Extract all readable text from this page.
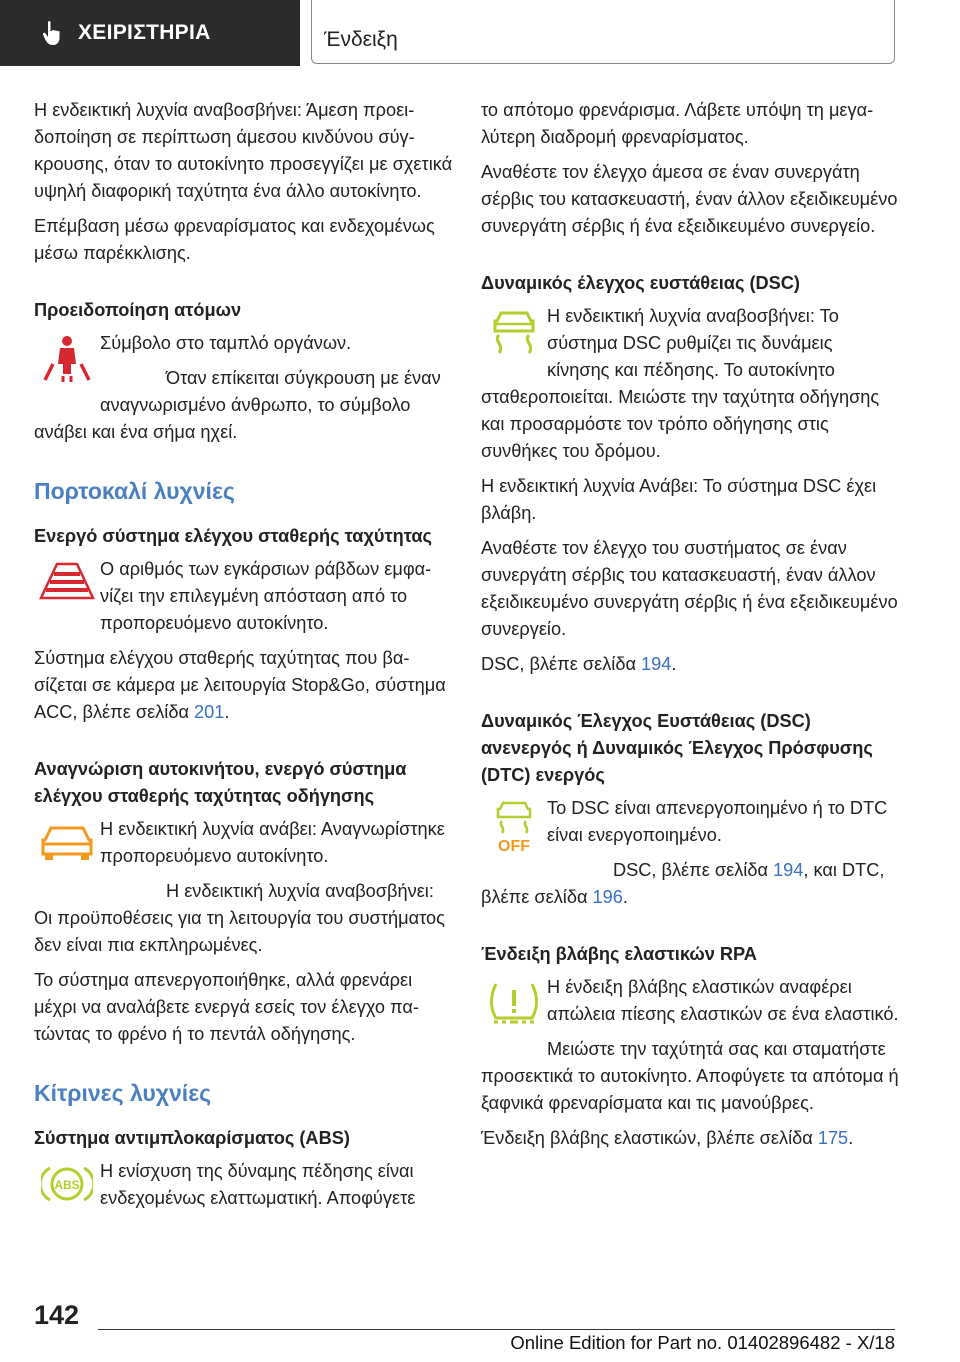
ΧΕΙΡΙΣΤΗΡΙΑ	Ένδειξη

Η ενδεικτική λυχνία αναβοσβήνει: Άμεση προειδοποίηση σε περίπτωση άμεσου κινδύνου σύγκρουσης, όταν το αυτοκίνητο προσεγγίζει με σχετικά υψηλή διαφορική ταχύτητα ένα άλλο αυτοκίνητο.

Επέμβαση μέσω φρεναρίσματος και ενδεχομένως μέσω παρέκκλισης.

Προειδοποίηση ατόμων

Σύμβολο στο ταμπλό οργάνων.

Όταν επίκειται σύγκρουση με έναν αναγνωρισμένο άνθρωπο, το σύμβολο ανάβει και ένα σήμα ηχεί.

Πορτοκαλί λυχνίες
Ενεργό σύστημα ελέγχου σταθερής ταχύτητας

Ο αριθμός των εγκάρσιων ράβδων εμφανίζει την επιλεγμένη απόσταση από το προπορευόμενο αυτοκίνητο.

Σύστημα ελέγχου σταθερής ταχύτητας που βασίζεται σε κάμερα με λειτουργία Stop&Go, σύστημα ACC, βλέπε σελίδα 201.

Αναγνώριση αυτοκινήτου, ενεργό σύστημα ελέγχου σταθερής ταχύτητας οδήγησης

Η ενδεικτική λυχνία ανάβει: Αναγνωρίστηκε προπορευόμενο αυτοκίνητο.

Η ενδεικτική λυχνία αναβοσβήνει: Οι προϋποθέσεις για τη λειτουργία του συστήματος δεν είναι πια εκπληρωμένες.

Το σύστημα απενεργοποιήθηκε, αλλά φρενάρει μέχρι να αναλάβετε ενεργά εσείς τον έλεγχο πατώντας το φρένο ή το πεντάλ οδήγησης.

Κίτρινες λυχνίες
Σύστημα αντιμπλοκαρίσματος (ABS)
ABS

Η ενίσχυση της δύναμης πέδησης είναι ενδεχομένως ελαττωματική. Αποφύγετε

το απότομο φρενάρισμα. Λάβετε υπόψη τη μεγαλύτερη διαδρομή φρεναρίσματος.

Αναθέστε τον έλεγχο άμεσα σε έναν συνεργάτη σέρβις του κατασκευαστή, έναν άλλον εξειδικευμένο συνεργάτη σέρβις ή ένα εξειδικευμένο συνεργείο.

Δυναμικός έλεγχος ευστάθειας (DSC)

Η ενδεικτική λυχνία αναβοσβήνει: Το σύστημα DSC ρυθμίζει τις δυνάμεις κίνησης και πέδησης. Το αυτοκίνητο σταθεροποιείται. Μειώστε την ταχύτητα οδήγησης και προσαρμόστε τον τρόπο οδήγησης στις συνθήκες του δρόμου.

Η ενδεικτική λυχνία Ανάβει: Το σύστημα DSC έχει βλάβη.

Αναθέστε τον έλεγχο του συστήματος σε έναν συνεργάτη σέρβις του κατασκευαστή, έναν άλλον εξειδικευμένο συνεργάτη σέρβις ή ένα εξειδικευμένο συνεργείο.

DSC, βλέπε σελίδα 194.

Δυναμικός Έλεγχος Ευστάθειας (DSC) ανενεργός ή Δυναμικός Έλεγχος Πρόσφυσης (DTC) ενεργός
OFF

Το DSC είναι απενεργοποιημένο ή το DTC είναι ενεργοποιημένο.

DSC, βλέπε σελίδα 194, και DTC, βλέπε σελίδα 196.

Ένδειξη βλάβης ελαστικών RPA

Η ένδειξη βλάβης ελαστικών αναφέρει απώλεια πίεσης ελαστικών σε ένα ελαστικό.

Μειώστε την ταχύτητά σας και σταματήστε προσεκτικά το αυτοκίνητο. Αποφύγετε τα απότομα ή ξαφνικά φρεναρίσματα και τις μανούβρες.

Ένδειξη βλάβης ελαστικών, βλέπε σελίδα 175.

142
Online Edition for Part no. 01402896482 - X/18
